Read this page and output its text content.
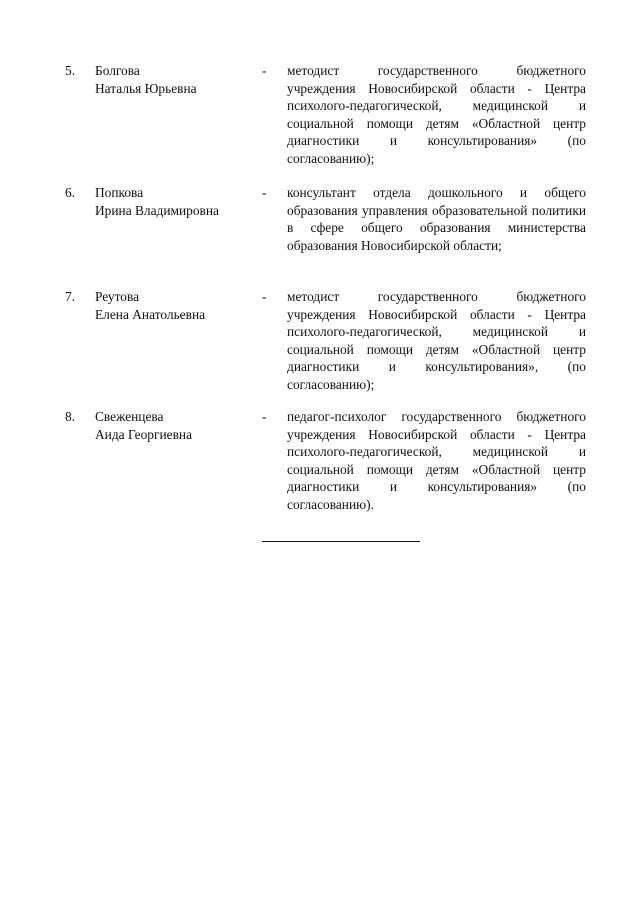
5.	Болгова
Наталья Юрьевна
-	методист государственного бюджетного учреждения Новосибирской области - Центра психолого-педагогической, медицинской и социальной помощи детям «Областной центр диагностики и консультирования» (по согласованию);
6.	Попкова
Ирина Владимировна
-	консультант отдела дошкольного и общего образования управления образовательной политики в сфере общего образования министерства образования Новосибирской области;
7.	Реутова
Елена Анатольевна
-	методист государственного бюджетного учреждения Новосибирской области - Центра психолого-педагогической, медицинской и социальной помощи детям «Областной центр диагностики и консультирования», (по согласованию);
8.	Свеженцева
Аида Георгиевна
-	педагог-психолог государственного бюджетного учреждения Новосибирской области - Центра психолого-педагогической, медицинской и социальной помощи детям «Областной центр диагностики и консультирования» (по согласованию).
